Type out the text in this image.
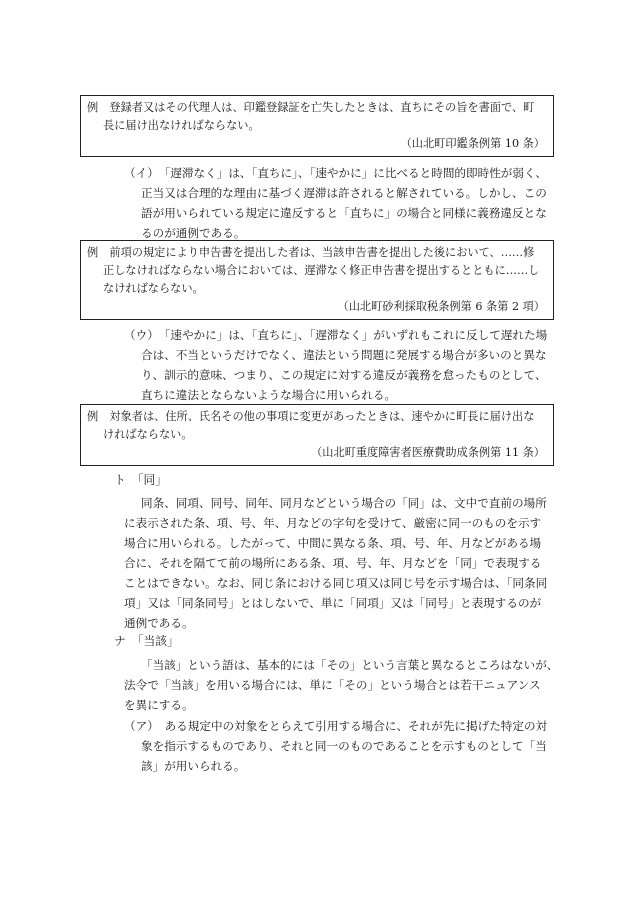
例　登録者又はその代理人は、印鑑登録証を亡失したときは、直ちにその旨を書面で、町
長に届け出なければならない。
（山北町印鑑条例第 10 条）
（イ）　「遅滞なく」は、「直ちに」、「速やかに」に比べると時間的即時性が弱く、
正当又は合理的な理由に基づく遅滞は許されると解されている。しかし、この
語が用いられている規定に違反すると「直ちに」の場合と同様に義務違反とな
るのが通例である。
例　前項の規定により申告書を提出した者は、当該申告書を提出した後において、……修
正しなければならない場合においては、遅滞なく修正申告書を提出するとともに……し
なければならない。
（山北町砂利採取税条例第 6 条第 2 項）
（ウ）　「速やかに」は、「直ちに」、「遅滞なく」がいずれもこれに反して遅れた場
合は、不当というだけでなく、違法という問題に発展する場合が多いのと異な
り、訓示的意味、つまり、この規定に対する違反が義務を怠ったものとして、
直ちに違法とならないような場合に用いられる。
例　対象者は、住所、氏名その他の事項に変更があったときは、速やかに町長に届け出な
ければならない。
（山北町重度障害者医療費助成条例第 11 条）
ト　「同」
同条、同項、同号、同年、同月などという場合の「同」は、文中で直前の場所
に表示された条、項、号、年、月などの字句を受けて、厳密に同一のものを示す
場合に用いられる。したがって、中間に異なる条、項、号、年、月などがある場
合に、それを隔てて前の場所にある条、項、号、年、月などを「同」で表現する
ことはできない。なお、同じ条における同じ項又は同じ号を示す場合は、「同条同
項」又は「同条同号」とはしないで、単に「同項」又は「同号」と表現するのが
通例である。
ナ　「当該」
「当該」という語は、基本的には「その」という言葉と異なるところはないが、
法令で「当該」を用いる場合には、単に「その」という場合とは若干ニュアンス
を異にする。
（ア）　ある規定中の対象をとらえて引用する場合に、それが先に掲げた特定の対
象を指示するものであり、それと同一のものであることを示すものとして「当
該」が用いられる。
